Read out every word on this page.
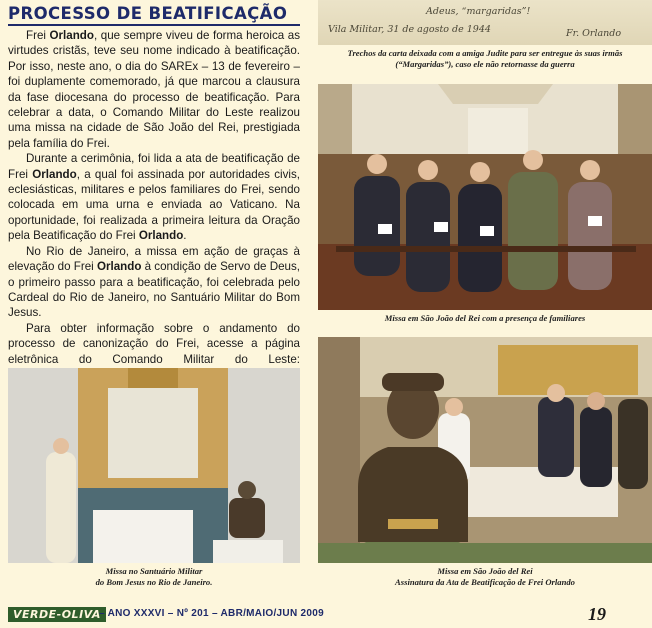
PROCESSO DE BEATIFICAÇÃO

Frei Orlando, que sempre viveu de forma heroica as virtudes cristãs, teve seu nome indicado à beatificação. Por isso, neste ano, o dia do SAREx – 13 de fevereiro – foi duplamente comemorado, já que marcou a clausura da fase diocesana do processo de beatificação. Para celebrar a data, o Comando Militar do Leste realizou uma missa na cidade de São João del Rei, prestigiada pela família do Frei.

Durante a cerimônia, foi lida a ata de beatificação de Frei Orlando, a qual foi assinada por autoridades civis, eclesiásticas, militares e pelos familiares do Frei, sendo colocada em uma urna e enviada ao Vaticano. Na oportunidade, foi realizada a primeira leitura da Oração pela Beatificação do Frei Orlando.

No Rio de Janeiro, a missa em ação de graças à elevação do Frei Orlando à condição de Servo de Deus, o primeiro passo para a beatificação, foi celebrada pelo Cardeal do Rio de Janeiro, no Santuário Militar do Bom Jesus.

Para obter informação sobre o andamento do processo de canonização do Frei, acesse a página eletrônica do Comando Militar do Leste:

Adeus, “margaridas”!
Vila Militar, 31 de agosto de 1944	Fr. Orlando
Trechos da carta deixada com a amiga Judite para ser entregue às suas irmãs (“Margaridas”), caso ele não retornasse da guerra
Missa em São João del Rei com a presença de familiares
Missa no Santuário Militar
do Bom Jesus no Rio de Janeiro.
Missa em São João del Rei
Assinatura da Ata de Beatificação de Frei Orlando
VERDE-OLIVA
– ANO XXXVI – Nº 201 – ABR/MAIO/JUN 2009	19
